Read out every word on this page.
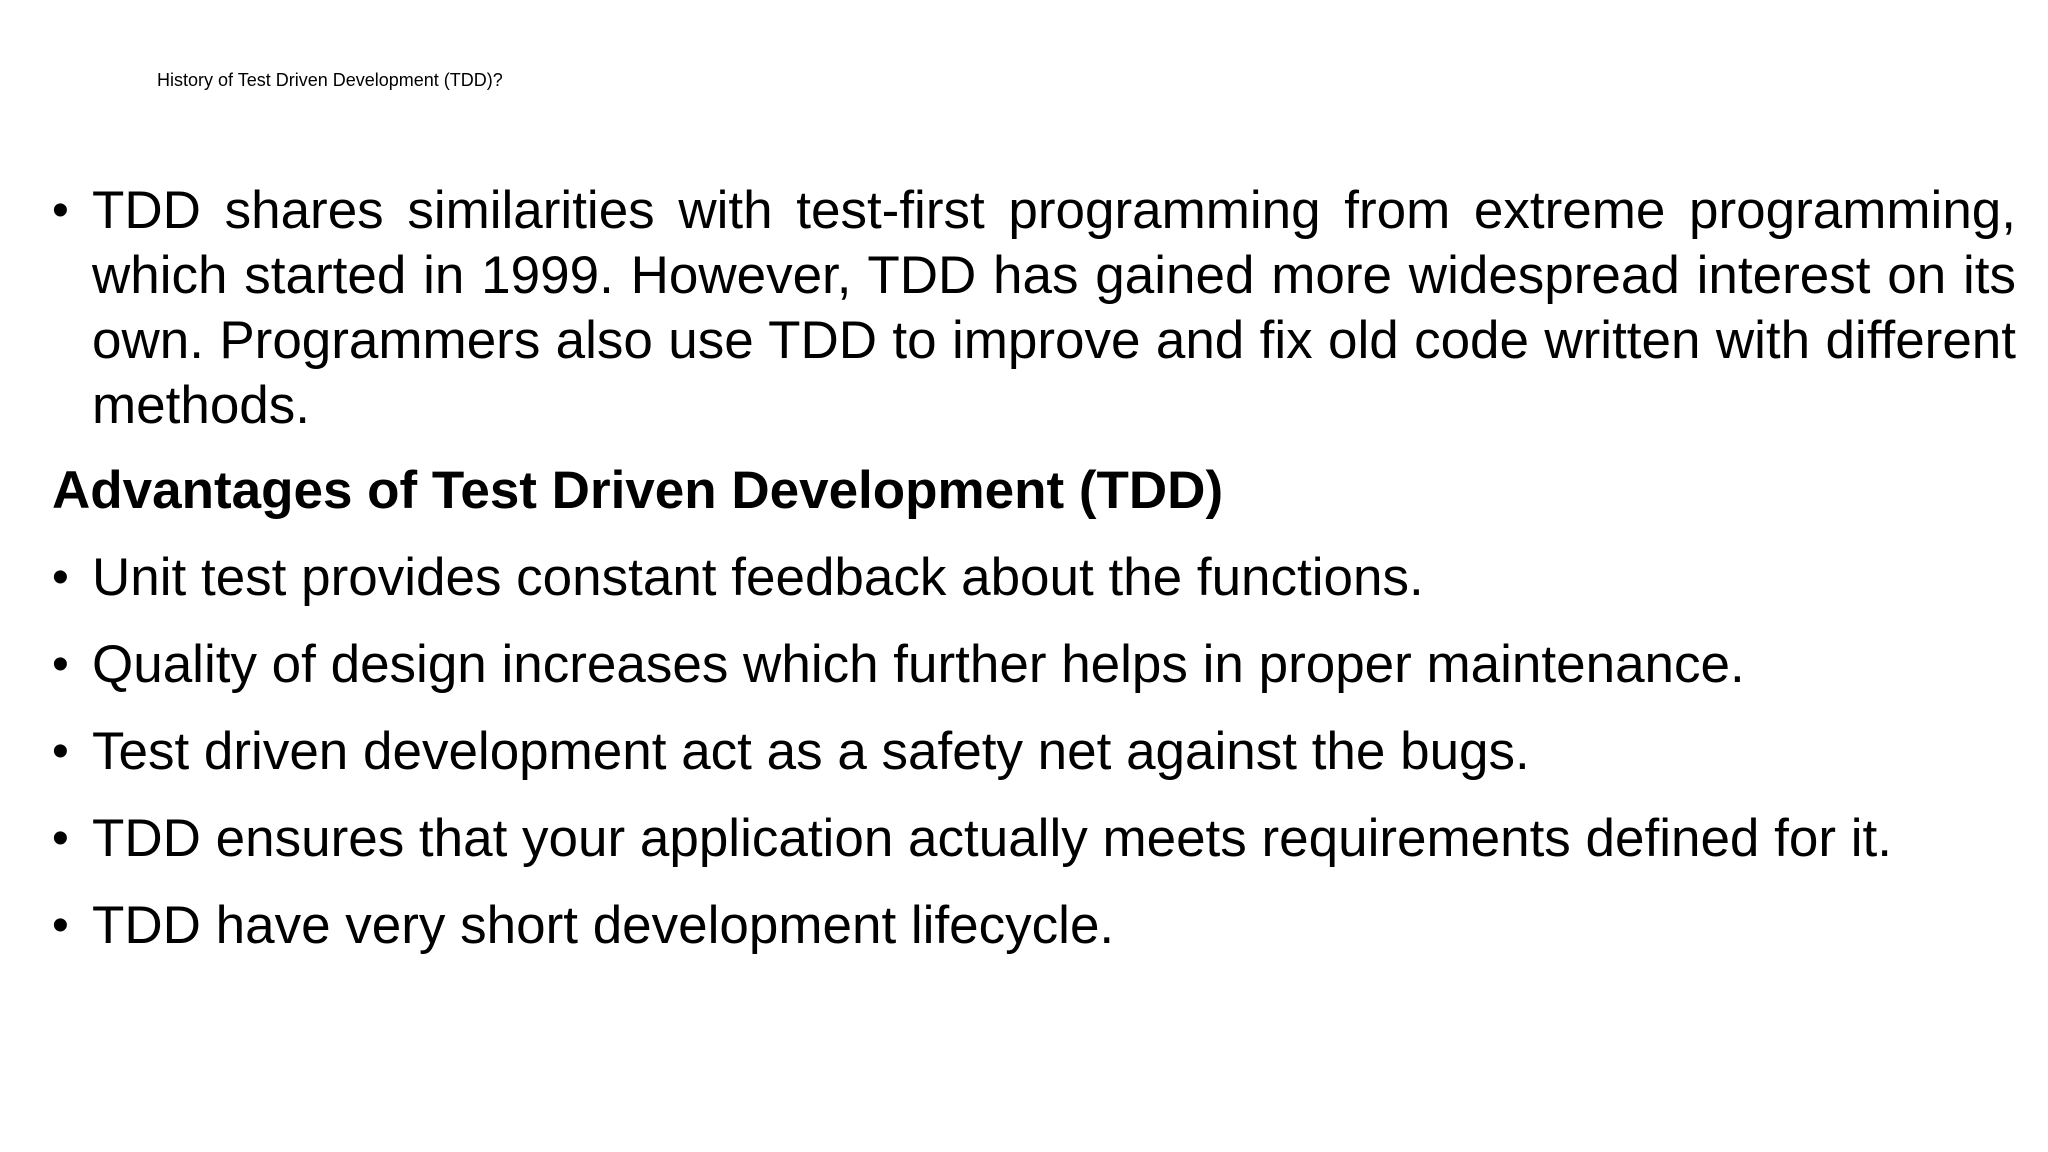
History of Test Driven Development (TDD)?
• TDD shares similarities with test-first programming from extreme programming, which started in 1999. However, TDD has gained more widespread interest on its own. Programmers also use TDD to improve and fix old code written with different methods.
Advantages of Test Driven Development (TDD)
• Unit test provides constant feedback about the functions.
• Quality of design increases which further helps in proper maintenance.
• Test driven development act as a safety net against the bugs.
• TDD ensures that your application actually meets requirements defined for it.
• TDD have very short development lifecycle.
